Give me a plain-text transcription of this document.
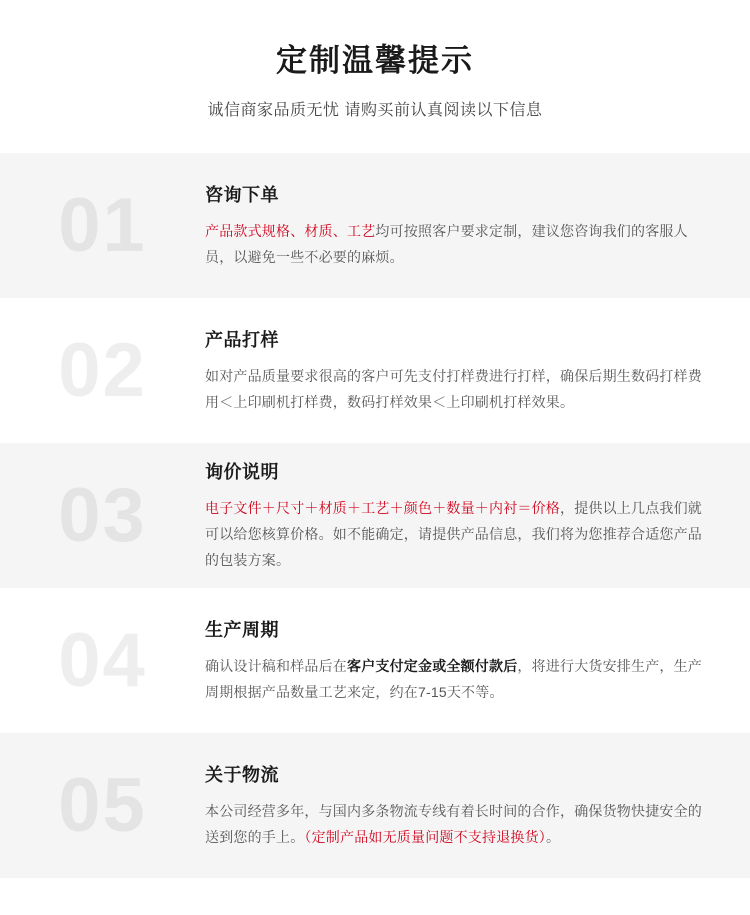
定制温馨提示
诚信商家品质无忧 请购买前认真阅读以下信息
01	咨询下单

产品款式规格、材质、工艺均可按照客户要求定制，建议您咨询我们的客服人员，以避免一些不必要的麻烦。

02	产品打样

如对产品质量要求很高的客户可先支付打样费进行打样，确保后期生数码打样费用＜上印刷机打样费，数码打样效果＜上印刷机打样效果。

03
询价说明

电子文件＋尺寸＋材质＋工艺＋颜色＋数量＋内衬＝价格，提供以上几点我们就可以给您核算价格。如不能确定，请提供产品信息，我们将为您推荐合适您产品的包装方案。

04	生产周期

确认设计稿和样品后在客户支付定金或全额付款后，将进行大货安排生产，生产周期根据产品数量工艺来定，约在7-15天不等。

05	关于物流

本公司经营多年，与国内多条物流专线有着长时间的合作，确保货物快捷安全的送到您的手上。（定制产品如无质量问题不支持退换货）。
